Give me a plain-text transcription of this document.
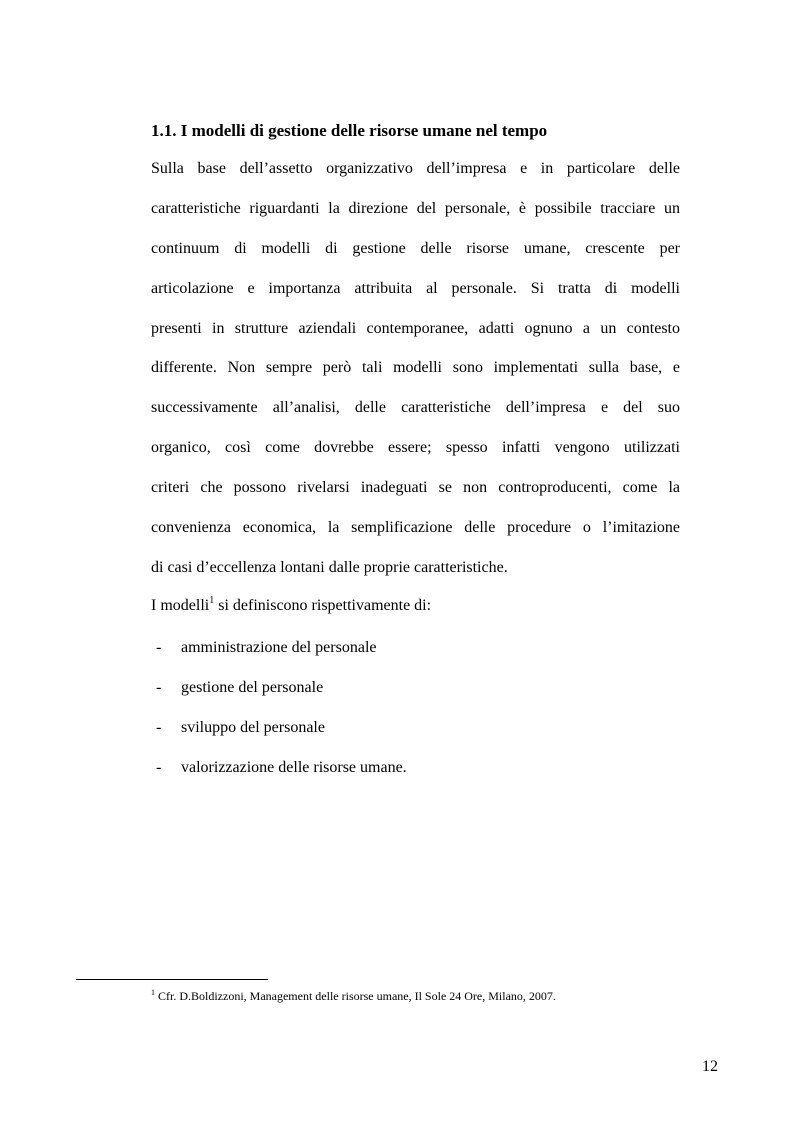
1.1. I modelli di gestione delle risorse umane nel tempo
Sulla base dell’assetto organizzativo dell’impresa e in particolare delle
caratteristiche riguardanti la direzione del personale, è possibile tracciare un
continuum di modelli di gestione delle risorse umane, crescente per
articolazione e importanza attribuita al personale. Si tratta di modelli
presenti in strutture aziendali contemporanee, adatti ognuno a un contesto
differente. Non sempre però tali modelli sono implementati sulla base, e
successivamente all’analisi, delle caratteristiche dell’impresa e del suo
organico, così come dovrebbe essere; spesso infatti vengono utilizzati
criteri che possono rivelarsi inadeguati se non controproducenti, come la
convenienza economica, la semplificazione delle procedure o l’imitazione
di casi d’eccellenza lontani dalle proprie caratteristiche.
I modelli$^1$ si definiscono rispettivamente di:
- amministrazione del personale
- gestione del personale
- sviluppo del personale
- valorizzazione delle risorse umane.
$^1$ Cfr. D.Boldizzoni, Management delle risorse umane, Il Sole 24 Ore, Milano, 2007.
12
